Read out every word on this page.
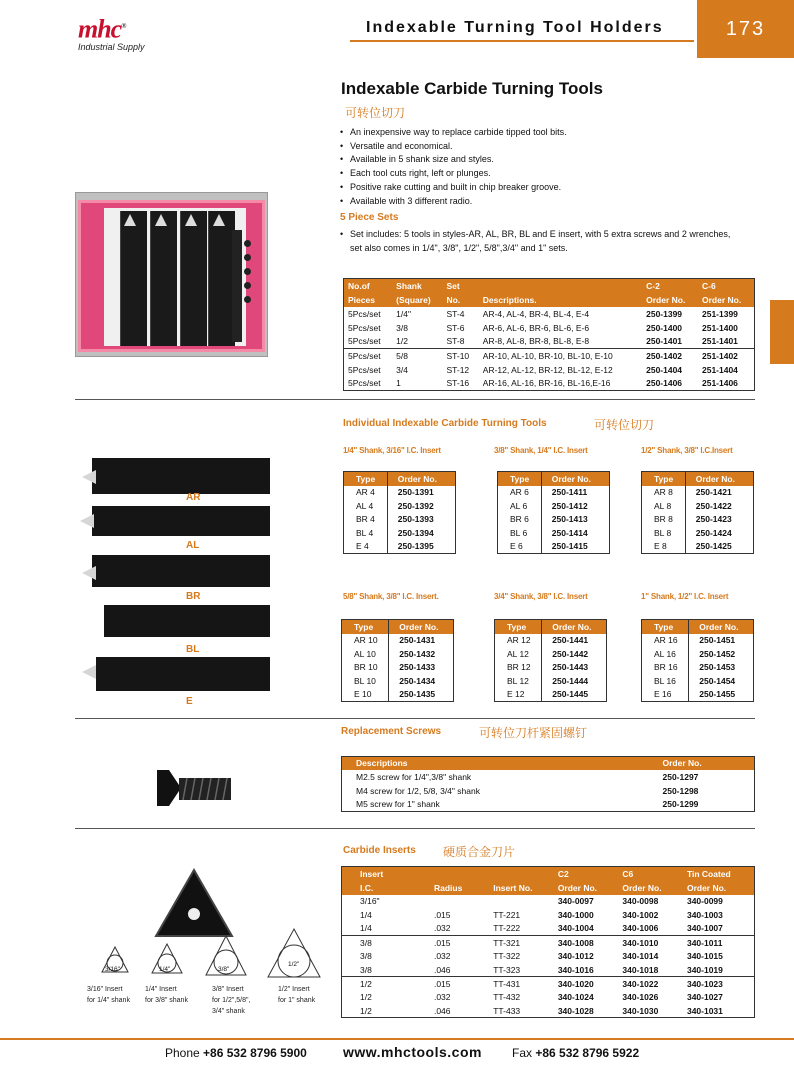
mhc®
Industrial Supply
Indexable Turning Tool Holders	173
Indexable Carbide Turning Tools
可转位切刀
• An inexpensive way to replace carbide tipped tool bits.
• Versatile and economical.
• Available in 5 shank size and styles.
• Each tool cuts right, left or plunges.
• Positive rake cutting and built in chip breaker groove.
• Available with 3 different radio.
5 Piece Sets
• Set includes: 5 tools in styles-AR, AL, BR, BL and E insert, with 5 extra screws and 2 wrenches,
set also comes in 1/4", 3/8", 1/2", 5/8",3/4" and 1" sets.
No.of	Shank	Set		C-2	C-6
Pieces	(Square)	No.	Descriptions.	Order No.	Order No.
5Pcs/set	1/4"	ST-4	AR-4, AL-4, BR-4, BL-4, E-4	250-1399	251-1399
5Pcs/set	3/8	ST-6	AR-6, AL-6, BR-6, BL-6, E-6	250-1400	251-1400
5Pcs/set	1/2	ST-8	AR-8, AL-8, BR-8, BL-8, E-8	250-1401	251-1401
5Pcs/set	5/8	ST-10	AR-10, AL-10, BR-10, BL-10, E-10	250-1402	251-1402
5Pcs/set	3/4	ST-12	AR-12, AL-12, BR-12, BL-12, E-12	250-1404	251-1404
5Pcs/set	1	ST-16	AR-16, AL-16, BR-16, BL-16,E-16	250-1406	251-1406
Individual Indexable Carbide Turning Tools	可转位切刀
AR
AL
BR
BL
E
1/4" Shank, 3/16" I.C. Insert
Type	Order No.
AR 4	250-1391
AL 4	250-1392
BR 4	250-1393
BL 4	250-1394
E 4	250-1395
3/8" Shank, 1/4" I.C. Insert
Type	Order No.
AR 6	250-1411
AL 6	250-1412
BR 6	250-1413
BL 6	250-1414
E 6	250-1415
1/2" Shank, 3/8" I.C.Insert
Type	Order No.
AR 8	250-1421
AL 8	250-1422
BR 8	250-1423
BL 8	250-1424
E 8	250-1425
5/8" Shank, 3/8" I.C. Insert.
Type	Order No.
AR 10	250-1431
AL 10	250-1432
BR 10	250-1433
BL 10	250-1434
E 10	250-1435
3/4" Shank, 3/8" I.C. Insert
Type	Order No.
AR 12	250-1441
AL 12	250-1442
BR 12	250-1443
BL 12	250-1444
E 12	250-1445
1" Shank, 1/2" I.C. Insert
Type	Order No.
AR 16	250-1451
AL 16	250-1452
BR 16	250-1453
BL 16	250-1454
E 16	250-1455
Replacement Screws	可转位刀杆紧固螺钉
Descriptions	Order No.
M2.5 screw for 1/4",3/8" shank	250-1297
M4 screw for 1/2, 5/8, 3/4" shank	250-1298
M5 screw for 1" shank	250-1299
Carbide Inserts 硬质合金刀片
3/16"	1/4"	3/8"
1/2"
3/16" Insert
for 1/4" shank
1/4" Insert
for 3/8" shank
3/8" Insert
for 1/2",5/8",
3/4" shank
1/2" Insert
for 1" shank
Insert			C2	C6	Tin Coated
I.C.	Radius	Insert No.	Order No.	Order No.	Order No.
3/16"			340-0097	340-0098	340-0099
1/4	.015	TT-221	340-1000	340-1002	340-1003
1/4	.032	TT-222	340-1004	340-1006	340-1007
3/8	.015	TT-321	340-1008	340-1010	340-1011
3/8	.032	TT-322	340-1012	340-1014	340-1015
3/8	.046	TT-323	340-1016	340-1018	340-1019
1/2	.015	TT-431	340-1020	340-1022	340-1023
1/2	.032	TT-432	340-1024	340-1026	340-1027
1/2	.046	TT-433	340-1028	340-1030	340-1031
Phone +86 532 8796 5900	www.mhctools.com	Fax +86 532 8796 5922
